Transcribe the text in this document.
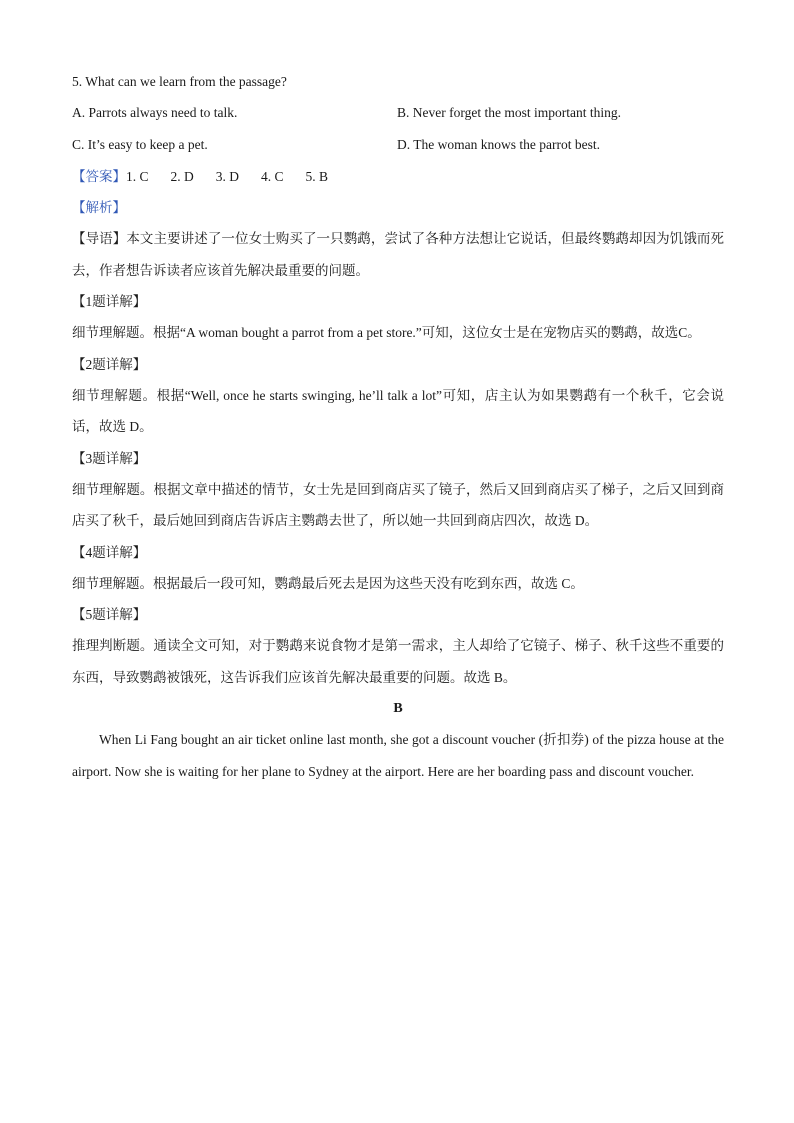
5. What can we learn from the passage?
A. Parrots always need to talk.	B. Never forget the most important thing.
C. It’s easy to keep a pet.	D. The woman knows the parrot best.
【答案】 1. C 2. D 3. D 4. C 5. B
【解析】
【导语】本文主要讲述了一位女士购买了一只鹦鹉，尝试了各种方法想让它说话，但最终鹦鹉却因为饥饿而死去，作者想告诉读者应该首先解决最重要的问题。
【1题详解】
细节理解题。根据“A woman bought a parrot from a pet store.”可知，这位女士是在宠物店买的鹦鹉，故选C。
【2题详解】
细节理解题。根据“Well, once he starts swinging, he’ll talk a lot”可知，店主认为如果鹦鹉有一个秋千，它会说话，故选 D。
【3题详解】
细节理解题。根据文章中描述的情节，女士先是回到商店买了镜子，然后又回到商店买了梯子，之后又回到商店买了秋千，最后她回到商店告诉店主鹦鹉去世了，所以她一共回到商店四次，故选 D。
【4题详解】
细节理解题。根据最后一段可知，鹦鹉最后死去是因为这些天没有吃到东西，故选 C。
【5题详解】
推理判断题。通读全文可知，对于鹦鹉来说食物才是第一需求，主人却给了它镜子、梯子、秋千这些不重要的东西，导致鹦鹉被饿死，这告诉我们应该首先解决最重要的问题。故选 B。
B
When Li Fang bought an air ticket online last month, she got a discount voucher (折扣券) of the pizza house at the airport. Now she is waiting for her plane to Sydney at the airport. Here are her boarding pass and discount voucher.
